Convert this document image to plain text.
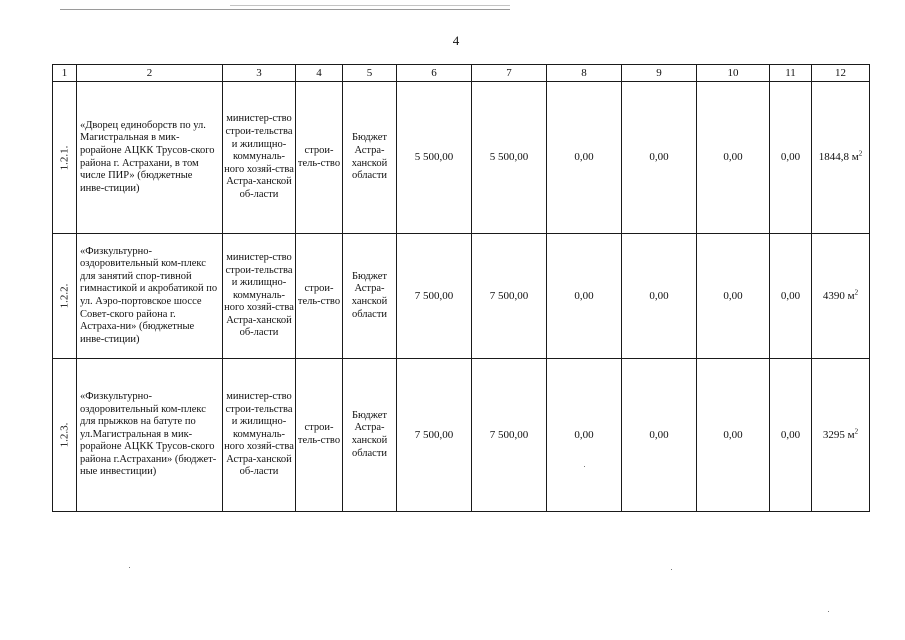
4
1	2	3	4	5	6	7	8	9	10	11	12

1.2.1.	«Дворец единоборств по ул. Магистральная в мик-рорайоне АЦКК Трусов-ского района г. Астрахани, в том числе ПИР» (бюджетные инве-стиции)	министер-ство строи-тельства и жилищно-коммуналь-ного хозяй-ства Астра-ханской об-ласти	строи-тель-ство	Бюджет Астра-ханской области	5 500,00	5 500,00	0,00	0,00	0,00	0,00	1844,8 $м^2$

1.2.2.	«Физкультурно-оздоровительный ком-плекс для занятий спор-тивной гимнастикой и акробатикой по ул. Аэро-портовское шоссе Совет-ского района г. Астраха-ни» (бюджетные инве-стиции)	министер-ство строи-тельства и жилищно-коммуналь-ного хозяй-ства Астра-ханской об-ласти	строи-тель-ство	Бюджет Астра-ханской области	7 500,00	7 500,00	0,00	0,00	0,00	0,00	4390 $м^2$

1.2.3.	«Физкультурно-оздоровительный ком-плекс для прыжков на батуте по ул.Магистральная в мик-рорайоне АЦКК Трусов-ского района г.Астрахани» (бюджет-ные инвестиции)	министер-ство строи-тельства и жилищно-коммуналь-ного хозяй-ства Астра-ханской об-ласти	строи-тель-ство	Бюджет Астра-ханской области	7 500,00	7 500,00	0,00	0,00	0,00	0,00	3295 $м^2$
